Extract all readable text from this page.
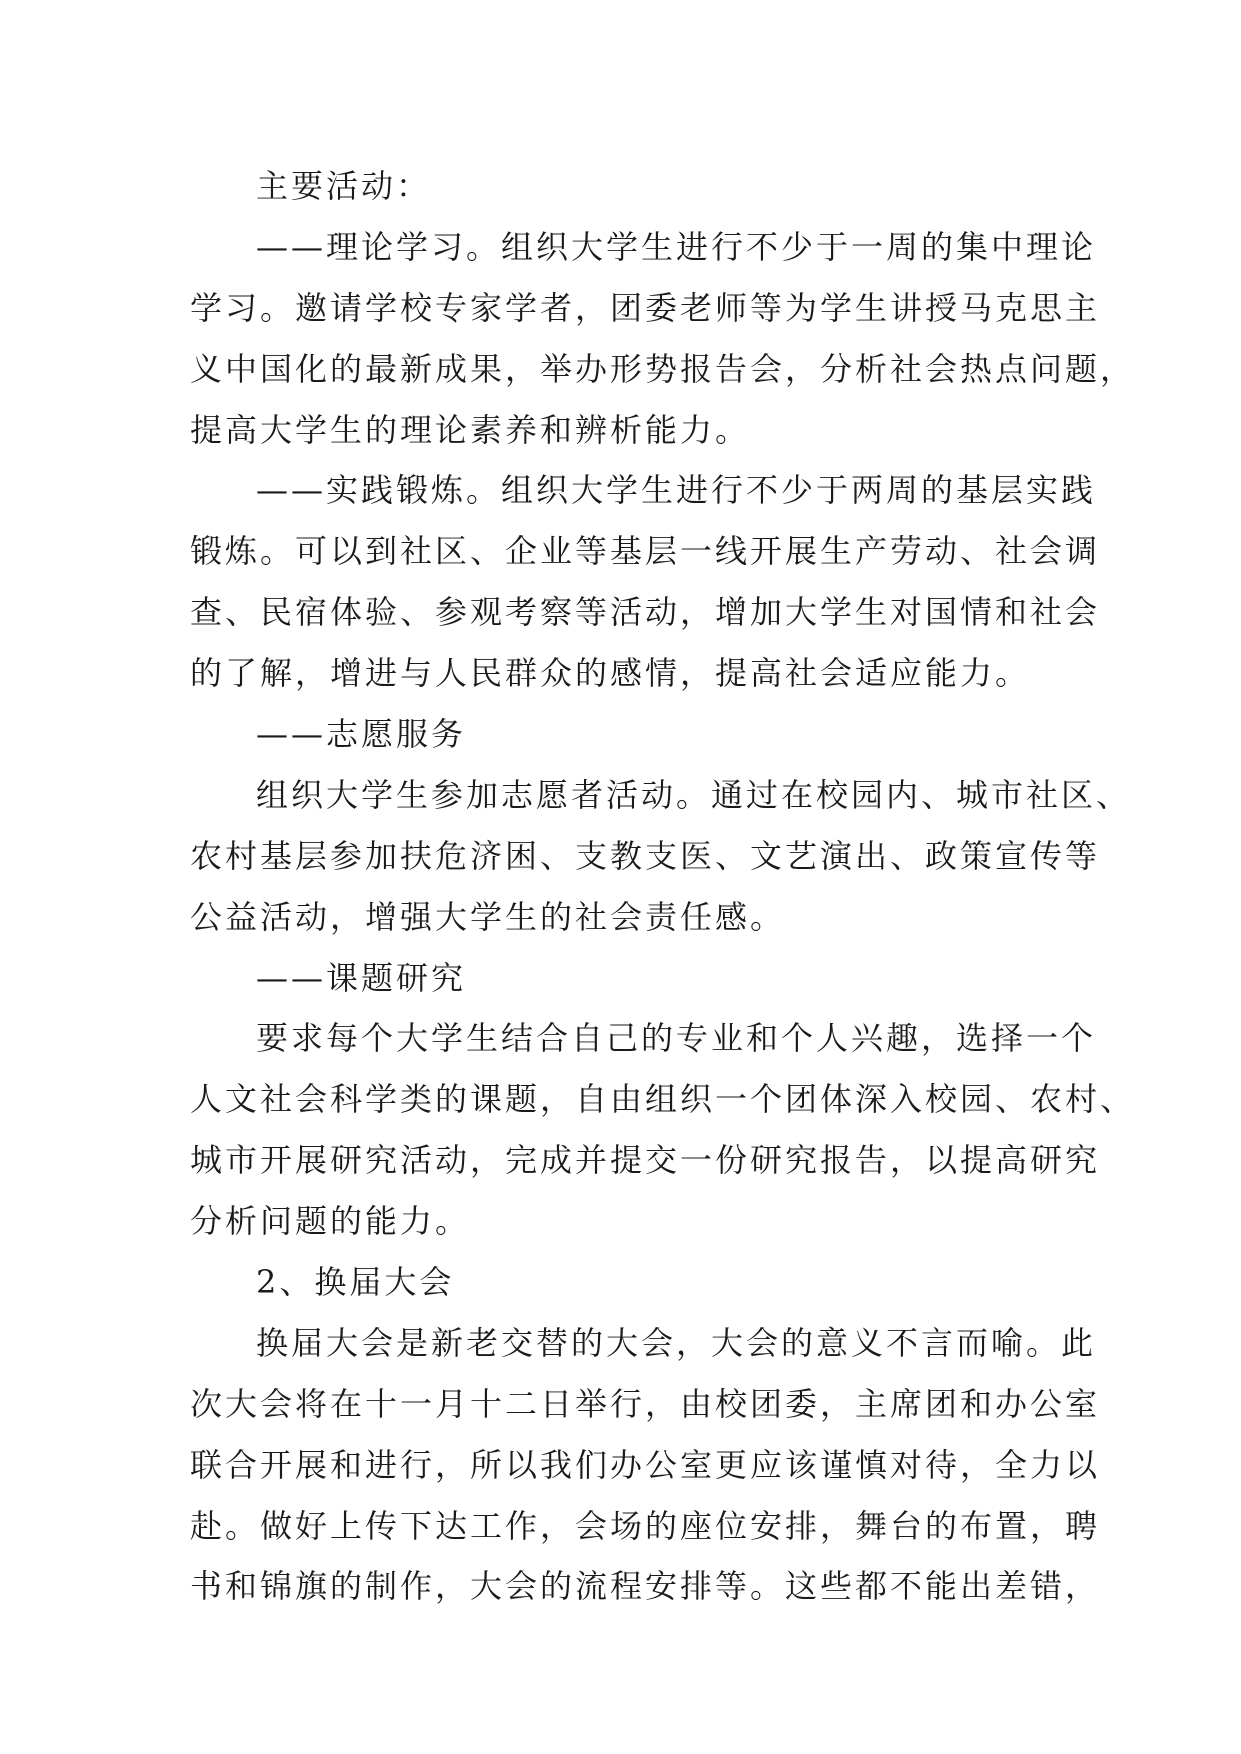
主要活动：
——理论学习。组织大学生进行不少于一周的集中理论
学习。邀请学校专家学者，团委老师等为学生讲授马克思主
义中国化的最新成果，举办形势报告会，分析社会热点问题，
提高大学生的理论素养和辨析能力。
——实践锻炼。组织大学生进行不少于两周的基层实践
锻炼。可以到社区、企业等基层一线开展生产劳动、社会调
查、民宿体验、参观考察等活动，增加大学生对国情和社会
的了解，增进与人民群众的感情，提高社会适应能力。
——志愿服务
组织大学生参加志愿者活动。通过在校园内、城市社区、
农村基层参加扶危济困、支教支医、文艺演出、政策宣传等
公益活动，增强大学生的社会责任感。
——课题研究
要求每个大学生结合自己的专业和个人兴趣，选择一个
人文社会科学类的课题，自由组织一个团体深入校园、农村、
城市开展研究活动，完成并提交一份研究报告，以提高研究
分析问题的能力。
2、换届大会
换届大会是新老交替的大会，大会的意义不言而喻。此
次大会将在十一月十二日举行，由校团委，主席团和办公室
联合开展和进行，所以我们办公室更应该谨慎对待，全力以
赴。做好上传下达工作，会场的座位安排，舞台的布置，聘
书和锦旗的制作，大会的流程安排等。这些都不能出差错，
